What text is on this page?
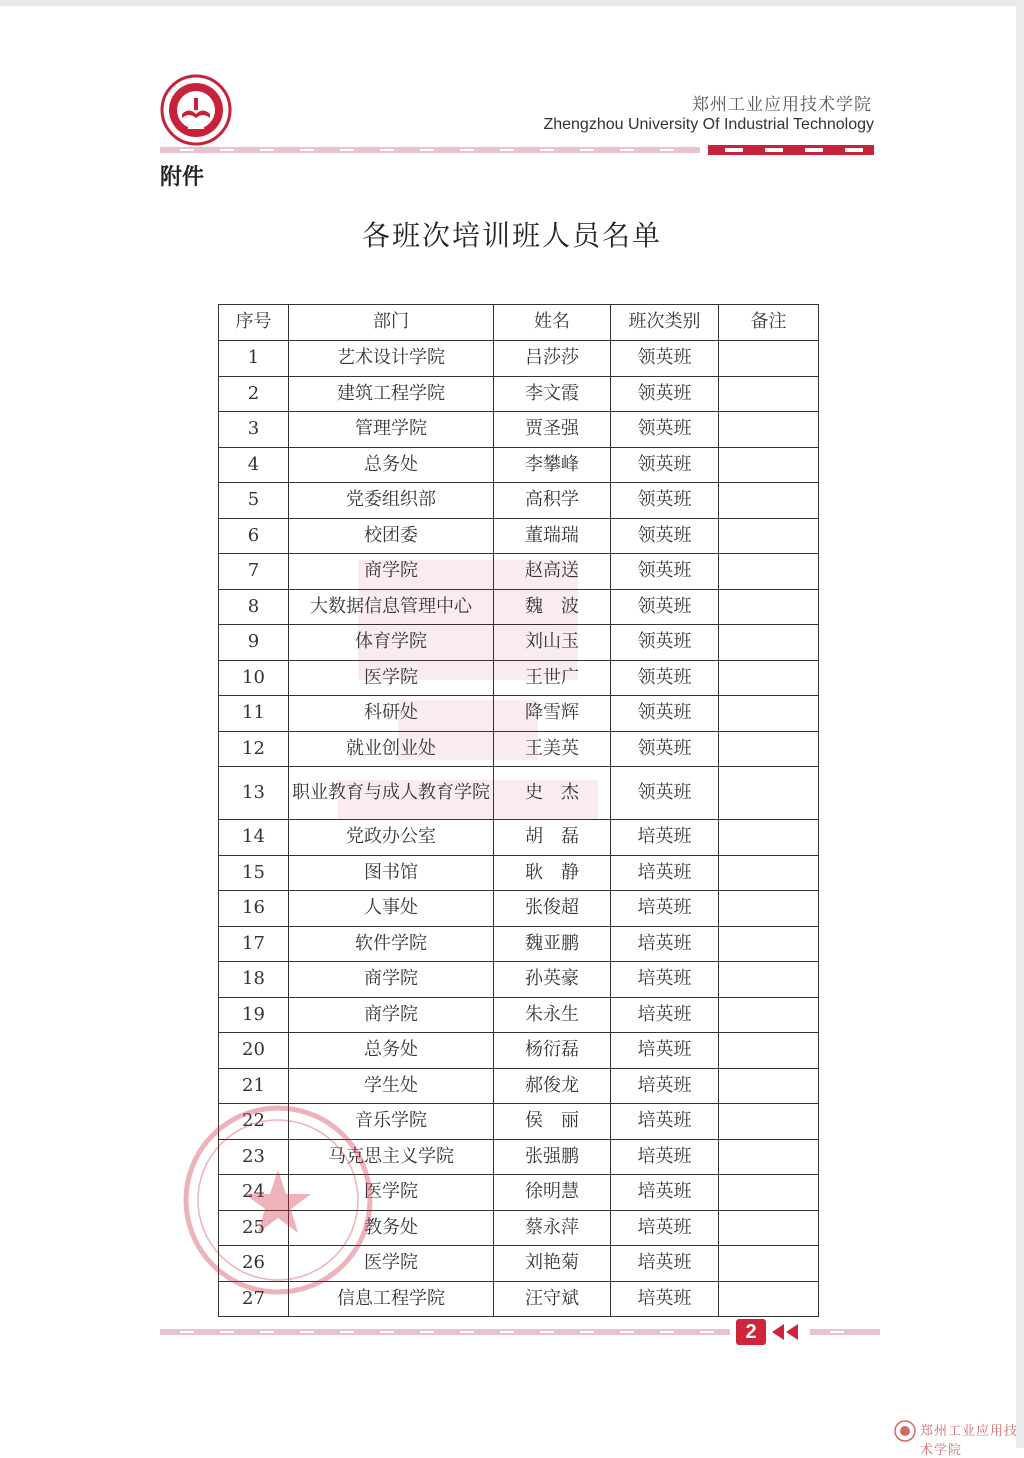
郑州工业应用技术学院
Zhengzhou University Of Industrial Technology
附件
各班次培训班人员名单
序号	部门	姓名	班次类别	备注
1	艺术设计学院	吕莎莎	领英班	
2	建筑工程学院	李文霞	领英班	
3	管理学院	贾圣强	领英班	
4	总务处	李攀峰	领英班	
5	党委组织部	高积学	领英班	
6	校团委	董瑞瑞	领英班	
7	商学院	赵高送	领英班	
8	大数据信息管理中心	魏　波	领英班	
9	体育学院	刘山玉	领英班	
10	医学院	王世广	领英班	
11	科研处	降雪辉	领英班	
12	就业创业处	王美英	领英班	
13	职业教育与成人教育学院	史　杰	领英班	
14	党政办公室	胡　磊	培英班	
15	图书馆	耿　静	培英班	
16	人事处	张俊超	培英班	
17	软件学院	魏亚鹏	培英班	
18	商学院	孙英豪	培英班	
19	商学院	朱永生	培英班	
20	总务处	杨衍磊	培英班	
21	学生处	郝俊龙	培英班	
22	音乐学院	侯　丽	培英班	
23	马克思主义学院	张强鹏	培英班	
24	医学院	徐明慧	培英班	
25	教务处	蔡永萍	培英班	
26	医学院	刘艳菊	培英班	
27	信息工程学院	汪守斌	培英班	
2
郑州工业应用技术学院
